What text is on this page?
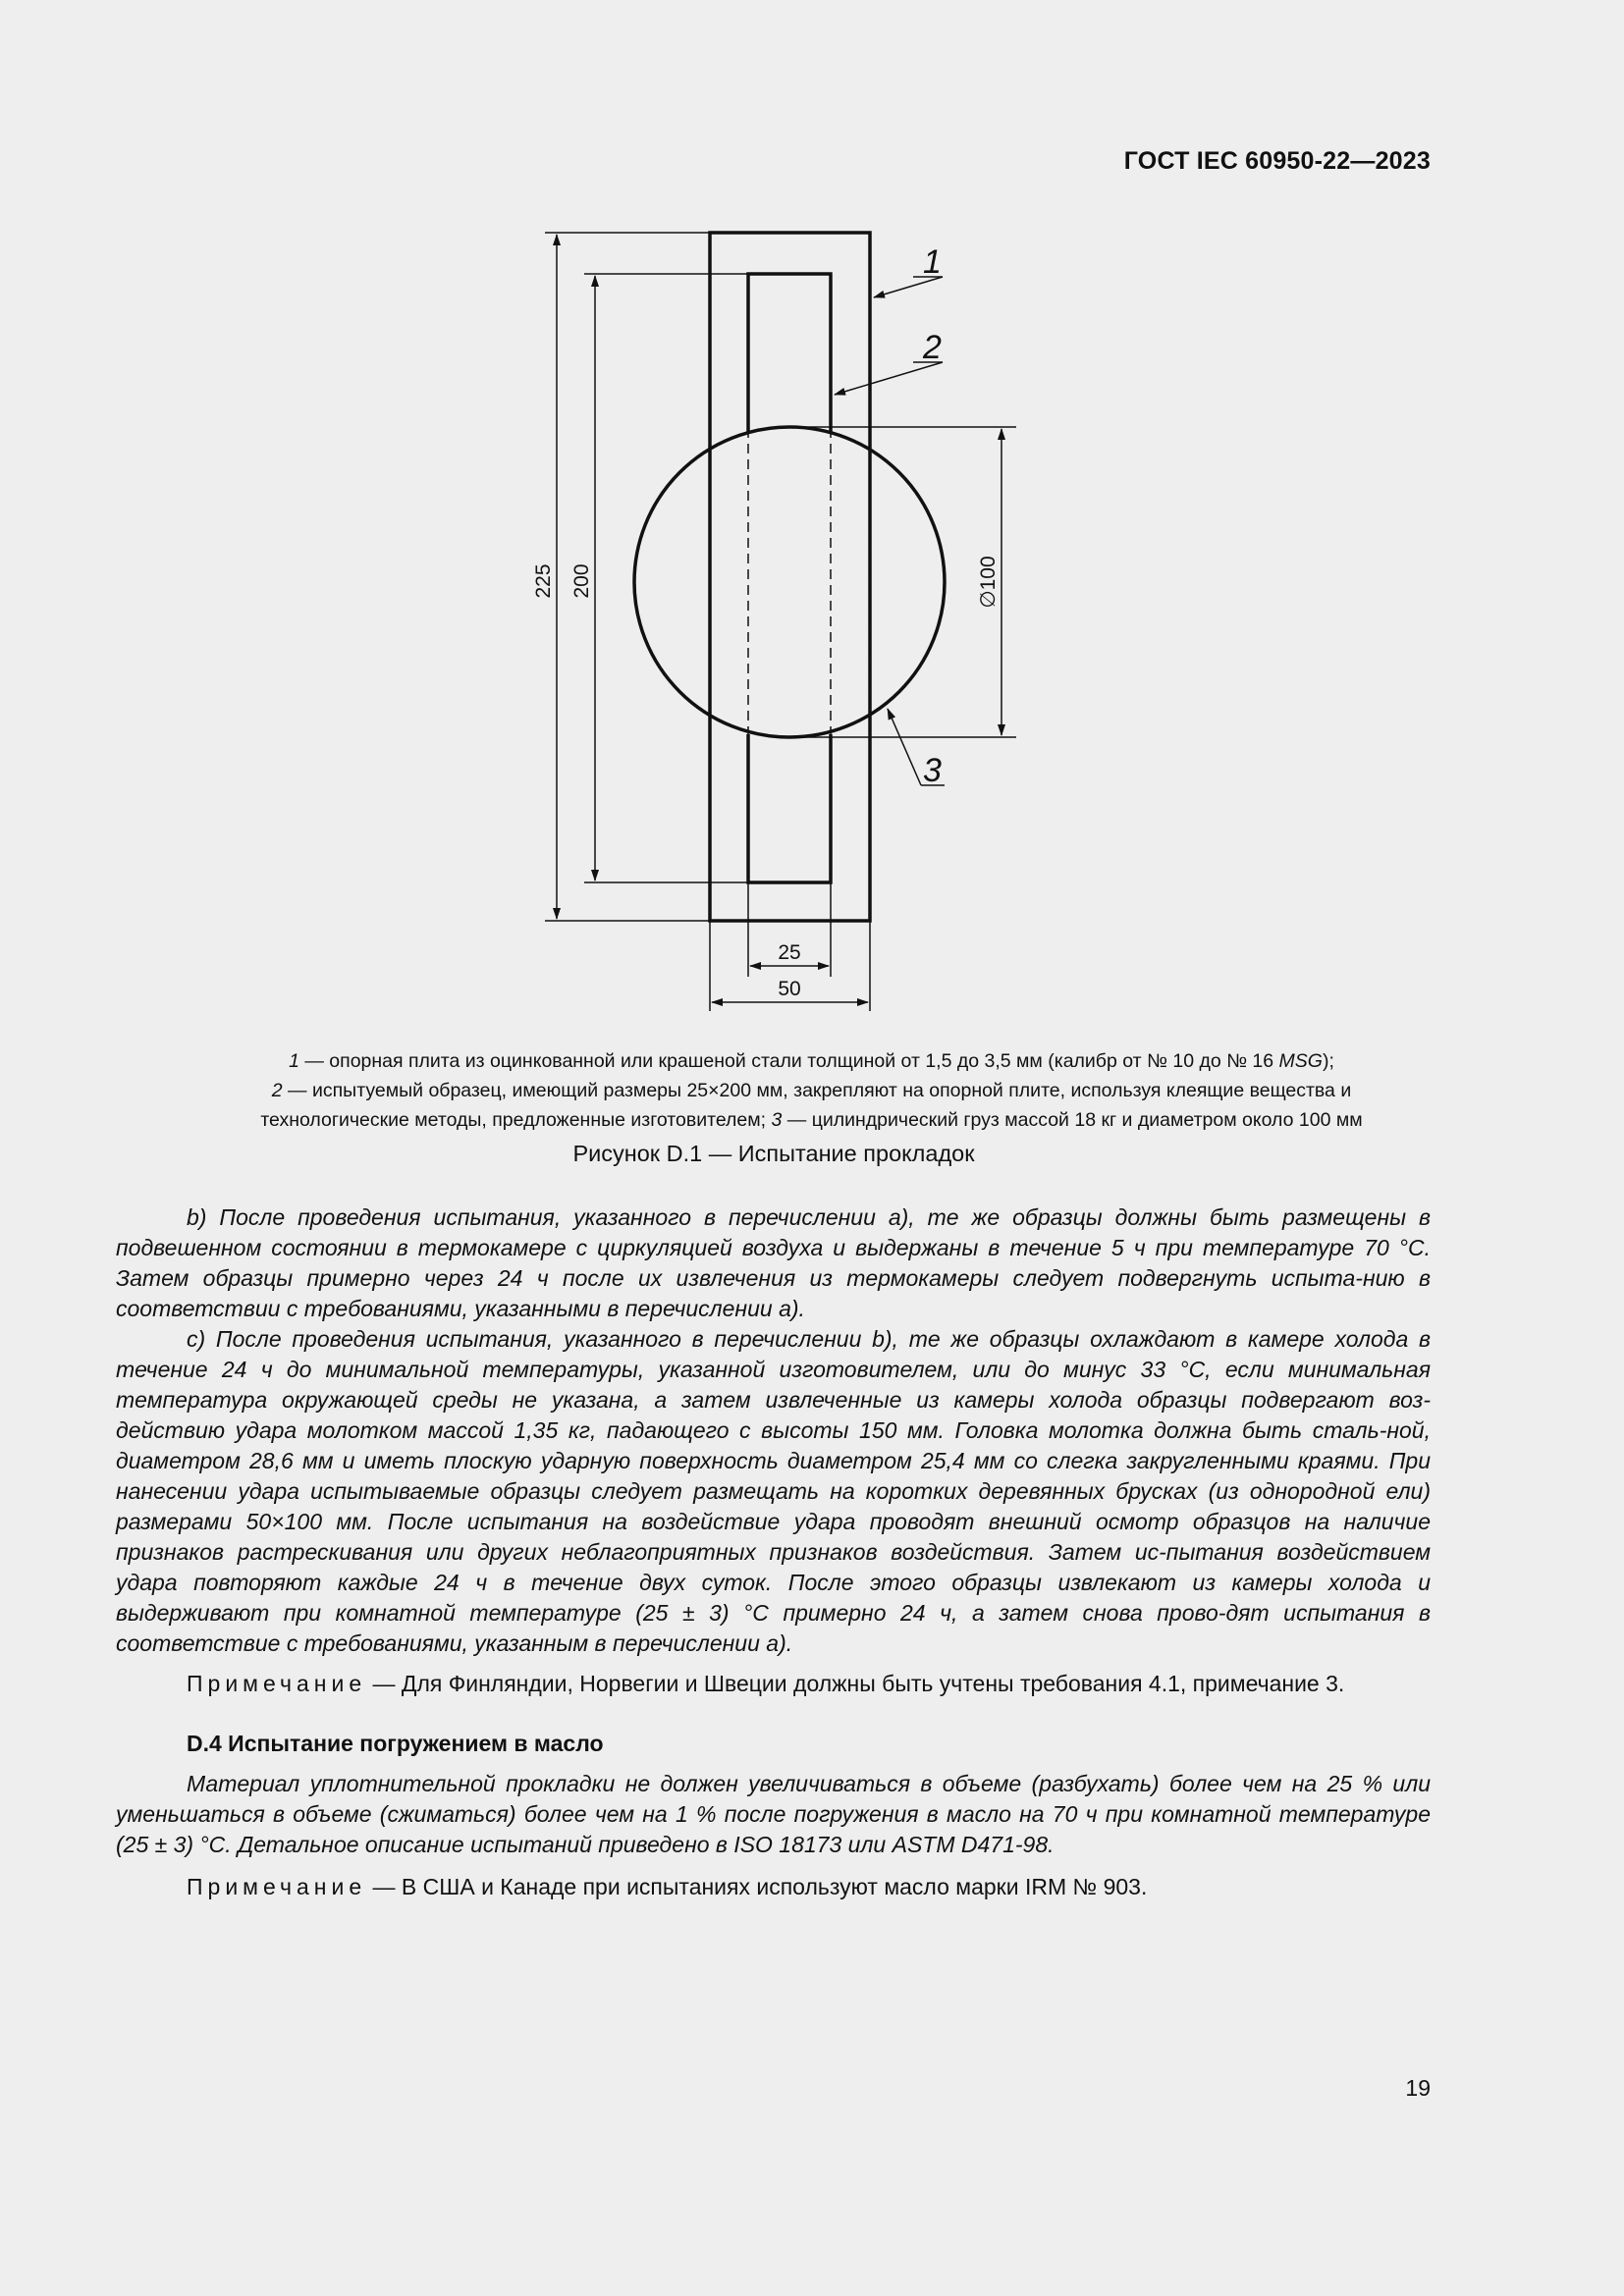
ГОСТ IEC 60950-22—2023
225 200	∅100
25
50
1
2
3
1 — опорная плита из оцинкованной или крашеной стали толщиной от 1,5 до 3,5 мм (калибр от № 10 до № 16 MSG);
2 — испытуемый образец, имеющий размеры 25×200 мм, закрепляют на опорной плите, используя клеящие вещества и
технологические методы, предложенные изготовителем; 3 — цилиндрический груз массой 18 кг и диаметром около 100 мм
Рисунок D.1 — Испытание прокладок

b) После проведения испытания, указанного в перечислении а), те же образцы должны быть размещены в подвешенном состоянии в термокамере с циркуляцией воздуха и выдержаны в течение 5 ч при температуре 70 °С. Затем образцы примерно через 24 ч после их извлечения из термокамеры следует подвергнуть испыта-нию в соответствии с требованиями, указанными в перечислении а).

с) После проведения испытания, указанного в перечислении b), те же образцы охлаждают в камере холода в течение 24 ч до минимальной температуры, указанной изготовителем, или до минус 33 °С, если минимальная температура окружающей среды не указана, а затем извлеченные из камеры холода образцы подвергают воз-действию удара молотком массой 1,35 кг, падающего с высоты 150 мм. Головка молотка должна быть сталь-ной, диаметром 28,6 мм и иметь плоскую ударную поверхность диаметром 25,4 мм со слегка закругленными краями. При нанесении удара испытываемые образцы следует размещать на коротких деревянных брусках (из однородной ели) размерами 50×100 мм. После испытания на воздействие удара проводят внешний осмотр образцов на наличие признаков растрескивания или других неблагоприятных признаков воздействия. Затем ис-пытания воздействием удара повторяют каждые 24 ч в течение двух суток. После этого образцы извлекают из камеры холода и выдерживают при комнатной температуре (25 ± 3) °С примерно 24 ч, а затем снова прово-дят испытания в соответствие с требованиями, указанным в перечислении а).

Примечание — Для Финляндии, Норвегии и Швеции должны быть учтены требования 4.1, примечание 3.

D.4 Испытание погружением в масло

Материал уплотнительной прокладки не должен увеличиваться в объеме (разбухать) более чем на 25 % или уменьшаться в объеме (сжиматься) более чем на 1 % после погружения в масло на 70 ч при комнатной температуре (25 ± 3) °С. Детальное описание испытаний приведено в ISO 18173 или ASTM D471-98.

Примечание — В США и Канаде при испытаниях используют масло марки IRM № 903.

19
